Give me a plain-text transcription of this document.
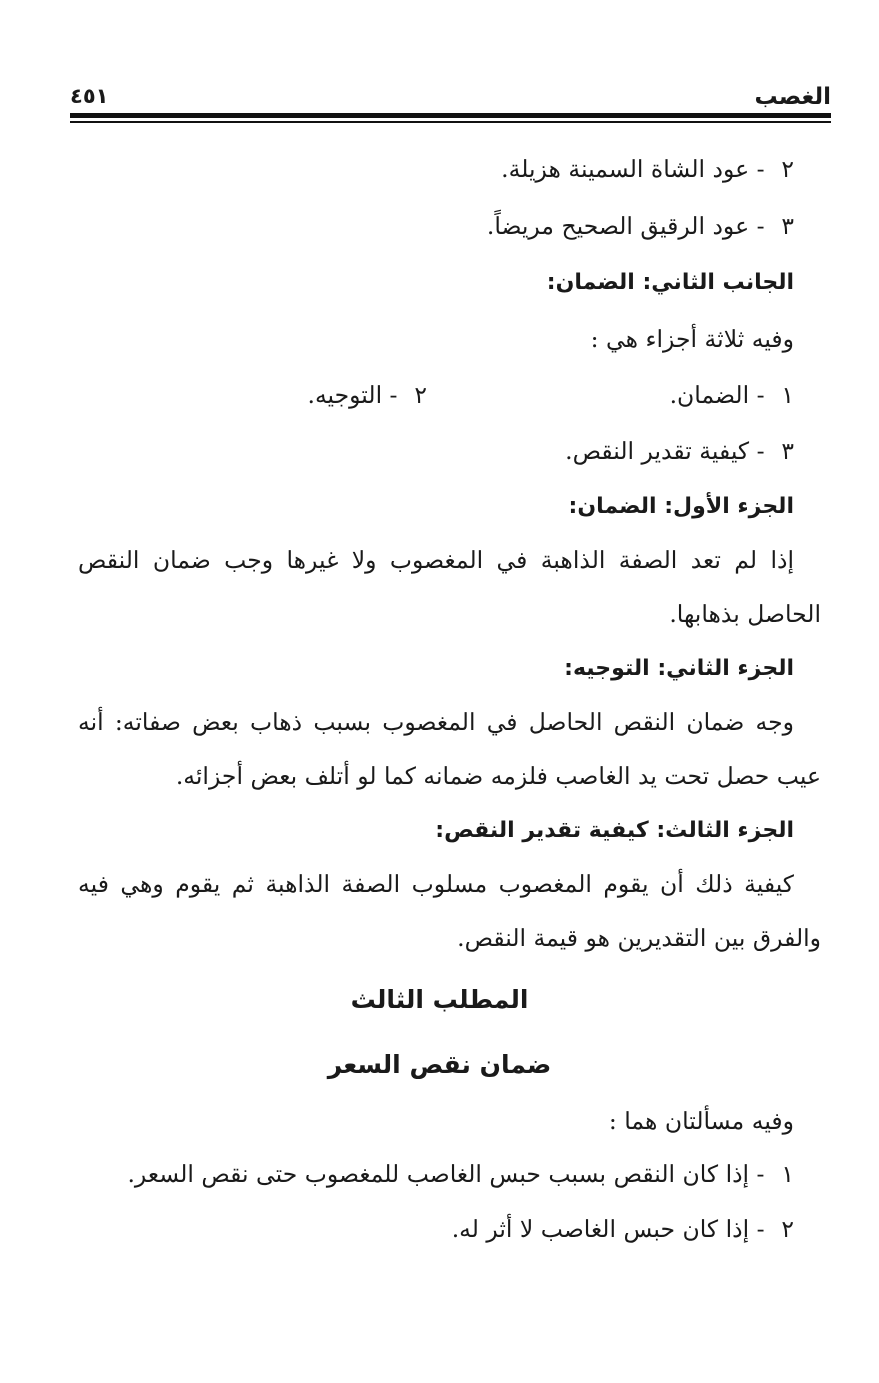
الغصب
٤٥١
٢ - عود الشاة السمينة هزيلة.
٣ - عود الرقيق الصحيح مريضاً.
الجانب الثاني: الضمان:
وفيه ثلاثة أجزاء هي :
١ - الضمان.
٢ - التوجيه.
٣ - كيفية تقدير النقص.
الجزء الأول: الضمان:
إذا لم تعد الصفة الذاهبة في المغصوب ولا غيرها وجب ضمان النقص
الحاصل بذهابها.
الجزء الثاني: التوجيه:
وجه ضمان النقص الحاصل في المغصوب بسبب ذهاب بعض صفاته: أنه
عيب حصل تحت يد الغاصب فلزمه ضمانه كما لو أتلف بعض أجزائه.
الجزء الثالث: كيفية تقدير النقص:
كيفية ذلك أن يقوم المغصوب مسلوب الصفة الذاهبة ثم يقوم وهي فيه
والفرق بين التقديرين هو قيمة النقص.
المطلب الثالث
ضمان نقص السعر
وفيه مسألتان هما :
١ - إذا كان النقص بسبب حبس الغاصب للمغصوب حتى نقص السعر.
٢ - إذا كان حبس الغاصب لا أثر له.
